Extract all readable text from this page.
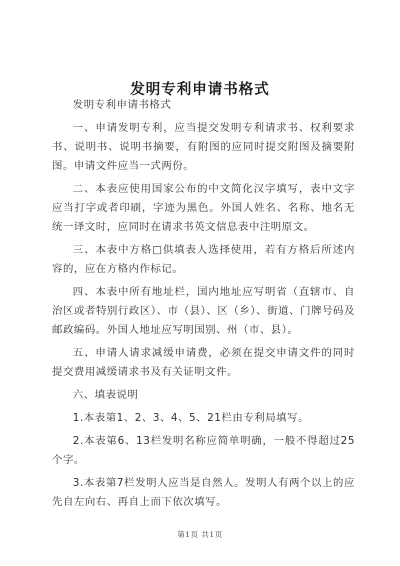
发明专利申请书格式

发明专利申请书格式

一、申请发明专利，应当提交发明专利请求书、权利要求书、说明书、说明书摘要，有附图的应同时提交附图及摘要附图。申请文件应当一式两份。

二、本表应使用国家公布的中文简化汉字填写，表中文字应当打字或者印刷，字迹为黑色。外国人姓名、名称、地名无统一译文时，应同时在请求书英文信息表中注明原文。

三、本表中方格□供填表人选择使用，若有方格后所述内容的，应在方格内作标记。

四、本表中所有地址栏，国内地址应写明省（直辖市、自治区或者特别行政区）、市（县）、区（乡）、街道、门牌号码及邮政编码。外国人地址应写明国别、州（市、县）。

五、申请人请求减缓申请费，必须在提交申请文件的同时提交费用减缓请求书及有关证明文件。

六、填表说明

1.本表第1、2、3、4、5、21栏由专利局填写。

2.本表第6、13栏发明名称应简单明确，一般不得超过25个字。

3.本表第7栏发明人应当是自然人。发明人有两个以上的应先自左向右、再自上而下依次填写。

第1页 共1页
